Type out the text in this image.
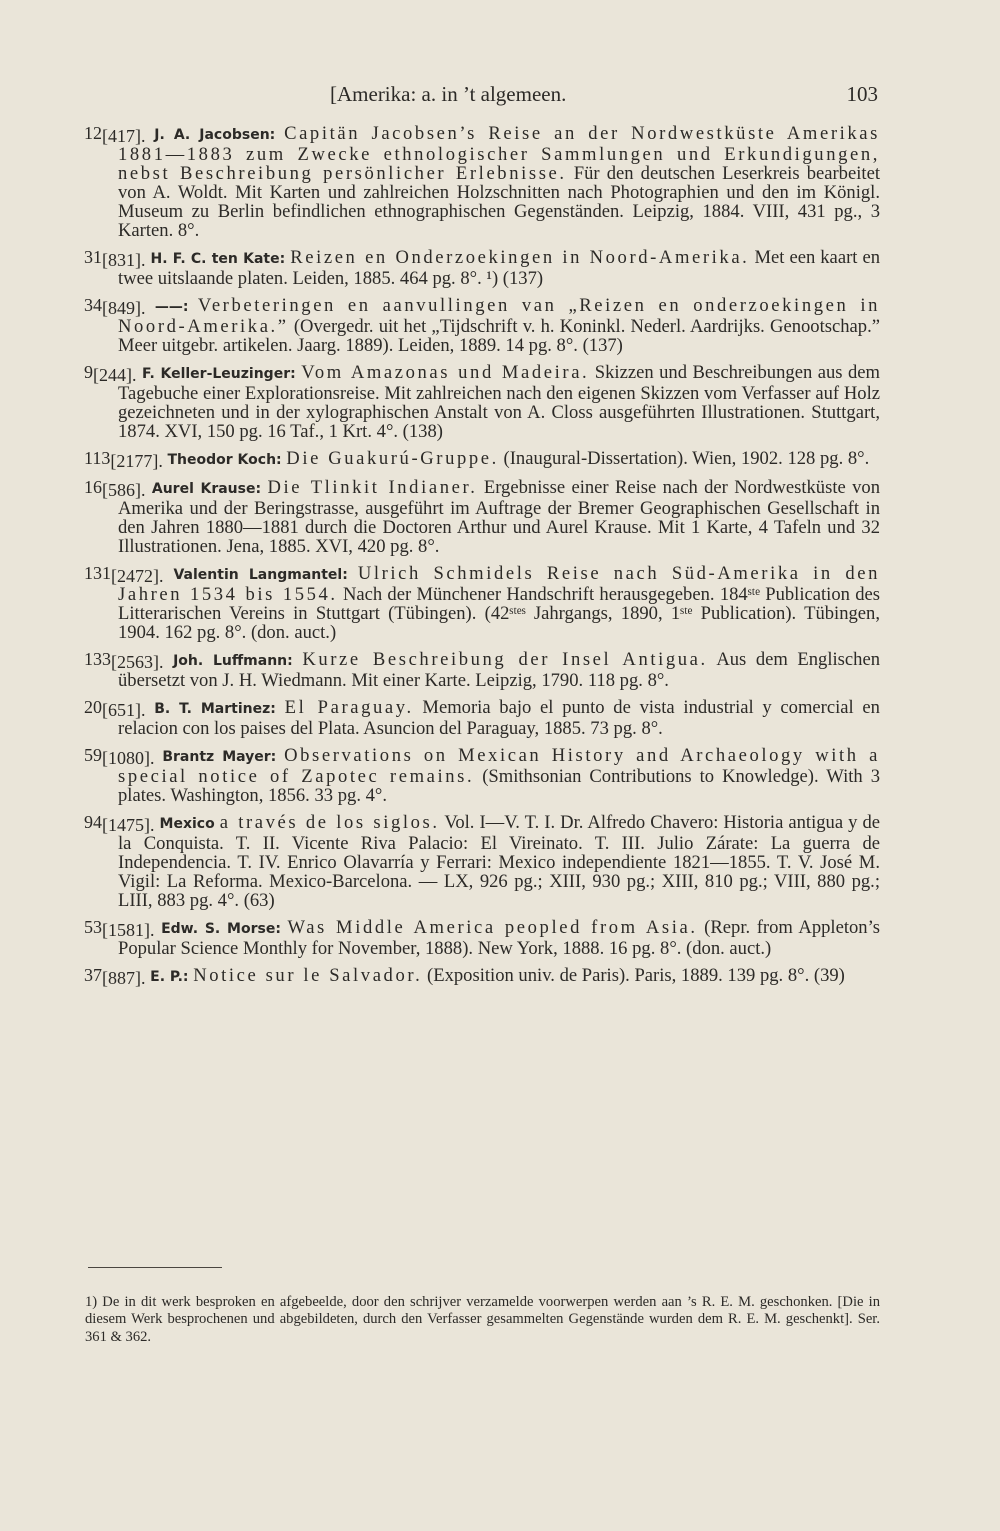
[Amerika: a. in ’t algemeen.	103

12[417]. J. A. Jacobsen: Capitän Jacobsen’s Reise an der Nordwestküste Amerikas 1881—1883 zum Zwecke ethnologischer Sammlungen und Erkundigungen, nebst Beschreibung persönlicher Erlebnisse. Für den deutschen Leserkreis bearbeitet von A. Woldt. Mit Karten und zahlreichen Holzschnitten nach Photographien und den im Königl. Museum zu Berlin befindlichen ethnographischen Gegenständen. Leipzig, 1884. VIII, 431 pg., 3 Karten. 8°.

31[831]. H. F. C. ten Kate: Reizen en Onderzoekingen in Noord-Amerika. Met een kaart en twee uitslaande platen. Leiden, 1885. 464 pg. 8°. ¹) (137)

34[849]. ——: Verbeteringen en aanvullingen van „Reizen en onderzoekingen in Noord-Amerika.” (Overgedr. uit het „Tijdschrift v. h. Koninkl. Nederl. Aardrijks. Genootschap.” Meer uitgebr. artikelen. Jaarg. 1889). Leiden, 1889. 14 pg. 8°. (137)

9[244]. F. Keller-Leuzinger: Vom Amazonas und Madeira. Skizzen und Beschreibungen aus dem Tagebuche einer Explorationsreise. Mit zahlreichen nach den eigenen Skizzen vom Verfasser auf Holz gezeichneten und in der xylographischen Anstalt von A. Closs ausgeführten Illustrationen. Stuttgart, 1874. XVI, 150 pg. 16 Taf., 1 Krt. 4°. (138)

113[2177]. Theodor Koch: Die Guakurú-Gruppe. (Inaugural-Dissertation). Wien, 1902. 128 pg. 8°.

16[586]. Aurel Krause: Die Tlinkit Indianer. Ergebnisse einer Reise nach der Nordwestküste von Amerika und der Beringstrasse, ausgeführt im Auftrage der Bremer Geographischen Gesellschaft in den Jahren 1880—1881 durch die Doctoren Arthur und Aurel Krause. Mit 1 Karte, 4 Tafeln und 32 Illustrationen. Jena, 1885. XVI, 420 pg. 8°.

131[2472]. Valentin Langmantel: Ulrich Schmidels Reise nach Süd-Amerika in den Jahren 1534 bis 1554. Nach der Münchener Handschrift herausgegeben. 184ˢᵗᵉ Publication des Litterarischen Vereins in Stuttgart (Tübingen). (42ˢᵗᵉˢ Jahrgangs, 1890, 1ˢᵗᵉ Publication). Tübingen, 1904. 162 pg. 8°. (don. auct.)

133[2563]. Joh. Luffmann: Kurze Beschreibung der Insel Antigua. Aus dem Englischen übersetzt von J. H. Wiedmann. Mit einer Karte. Leipzig, 1790. 118 pg. 8°.

20[651]. B. T. Martinez: El Paraguay. Memoria bajo el punto de vista industrial y comercial en relacion con los paises del Plata. Asuncion del Paraguay, 1885. 73 pg. 8°.

59[1080]. Brantz Mayer: Observations on Mexican History and Archaeology with a special notice of Zapotec remains. (Smithsonian Contributions to Knowledge). With 3 plates. Washington, 1856. 33 pg. 4°.

94[1475]. Mexico a través de los siglos. Vol. I—V. T. I. Dr. Alfredo Chavero: Historia antigua y de la Conquista. T. II. Vicente Riva Palacio: El Vireinato. T. III. Julio Zárate: La guerra de Independencia. T. IV. Enrico Olavarría y Ferrari: Mexico independiente 1821—1855. T. V. José M. Vigil: La Reforma. Mexico-Barcelona. — LX, 926 pg.; XIII, 930 pg.; XIII, 810 pg.; VIII, 880 pg.; LIII, 883 pg. 4°. (63)

53[1581]. Edw. S. Morse: Was Middle America peopled from Asia. (Repr. from Appleton’s Popular Science Monthly for November, 1888). New York, 1888. 16 pg. 8°. (don. auct.)

37[887]. E. P.: Notice sur le Salvador. (Exposition univ. de Paris). Paris, 1889. 139 pg. 8°. (39)

1) De in dit werk besproken en afgebeelde, door den schrijver verzamelde voorwerpen werden aan ’s R. E. M. geschonken. [Die in diesem Werk besprochenen und abgebildeten, durch den Verfasser gesammelten Gegenstände wurden dem R. E. M. geschenkt]. Ser. 361 & 362.
